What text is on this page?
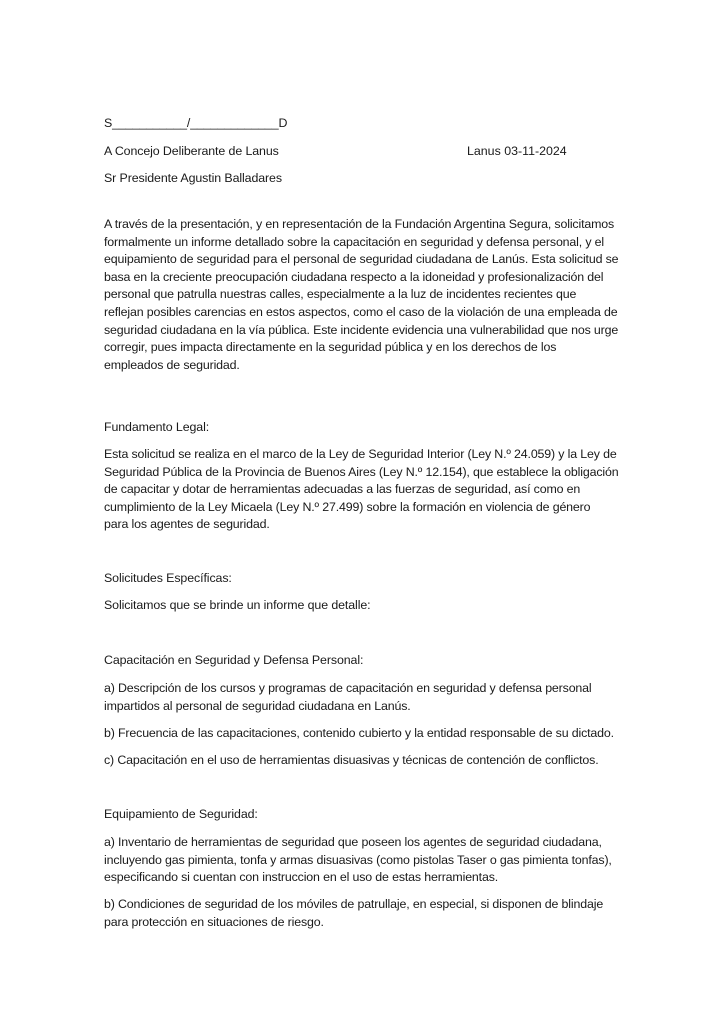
S___________/_____________D
A Concejo Deliberante de Lanus	Lanus 03-11-2024
Sr Presidente Agustin Balladares
A través de la presentación, y en representación de la Fundación Argentina Segura, solicitamos
formalmente un informe detallado sobre la capacitación en seguridad y defensa personal, y el
equipamiento de seguridad para el personal de seguridad ciudadana de Lanús. Esta solicitud se
basa en la creciente preocupación ciudadana respecto a la idoneidad y profesionalización del
personal que patrulla nuestras calles, especialmente a la luz de incidentes recientes que
reflejan posibles carencias en estos aspectos, como el caso de la violación de una empleada de
seguridad ciudadana en la vía pública. Este incidente evidencia una vulnerabilidad que nos urge
corregir, pues impacta directamente en la seguridad pública y en los derechos de los
empleados de seguridad.
Fundamento Legal:
Esta solicitud se realiza en el marco de la Ley de Seguridad Interior (Ley N.º 24.059) y la Ley de
Seguridad Pública de la Provincia de Buenos Aires (Ley N.º 12.154), que establece la obligación
de capacitar y dotar de herramientas adecuadas a las fuerzas de seguridad, así como en
cumplimiento de la Ley Micaela (Ley N.º 27.499) sobre la formación en violencia de género
para los agentes de seguridad.
Solicitudes Específicas:
Solicitamos que se brinde un informe que detalle:
Capacitación en Seguridad y Defensa Personal:
a) Descripción de los cursos y programas de capacitación en seguridad y defensa personal
impartidos al personal de seguridad ciudadana en Lanús.
b) Frecuencia de las capacitaciones, contenido cubierto y la entidad responsable de su dictado.
c) Capacitación en el uso de herramientas disuasivas y técnicas de contención de conflictos.
Equipamiento de Seguridad:
a) Inventario de herramientas de seguridad que poseen los agentes de seguridad ciudadana,
incluyendo gas pimienta, tonfa y armas disuasivas (como pistolas Taser o gas pimienta tonfas),
especificando si cuentan con instruccion en el uso de estas herramientas.
b) Condiciones de seguridad de los móviles de patrullaje, en especial, si disponen de blindaje
para protección en situaciones de riesgo.
